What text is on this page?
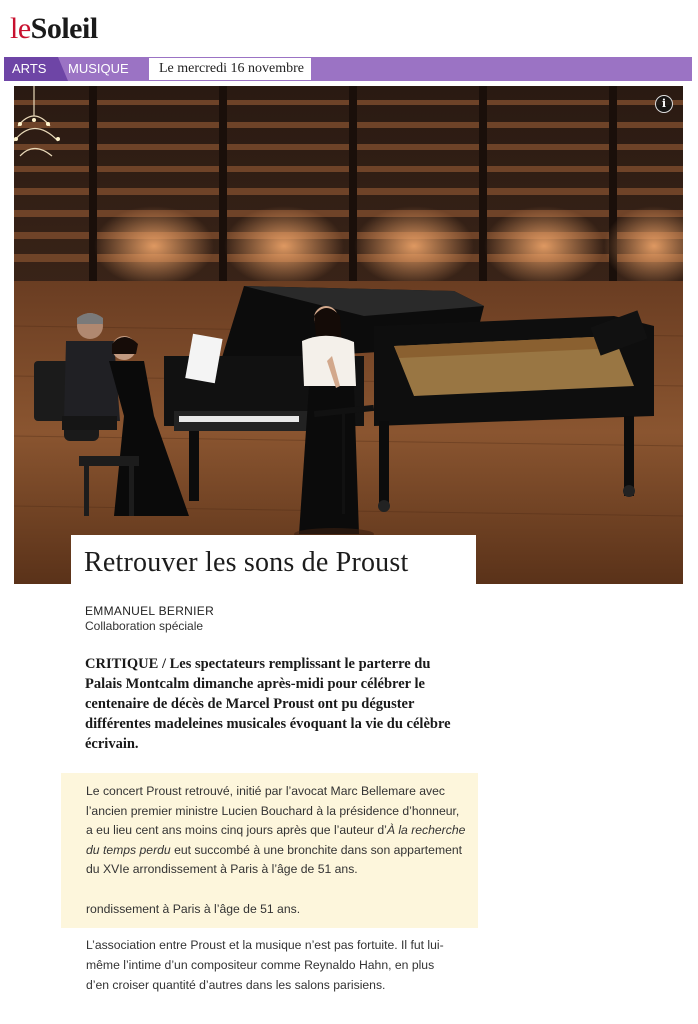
leSoleil
ARTS	MUSIQUE	Le mercredi 16 novembre
i
Retrouver les sons de Proust
EMMANUEL BERNIER
Collaboration spéciale

CRITIQUE / Les spectateurs remplissant le parterre du Palais Montcalm dimanche après-midi pour célébrer le centenaire de décès de Marcel Proust ont pu déguster différentes madeleines musicales évoquant la vie du célèbre écrivain.

Le concert Proust retrouvé, initié par l’avocat Marc Bellemare avec l’ancien premier ministre Lucien Bouchard à la présidence d’honneur, a eu lieu cent ans moins cinq jours après que l’auteur d’À la recherche du temps perdu eut succombé à une bronchite dans son appartement du XVIe arrondissement à Paris à l’âge de 51 ans.

rondissement à Paris à l’âge de 51 ans.

L’association entre Proust et la musique n’est pas fortuite. Il fut lui-même l’intime d’un compositeur comme Reynaldo Hahn, en plus d’en croiser quantité d’autres dans les salons parisiens.
